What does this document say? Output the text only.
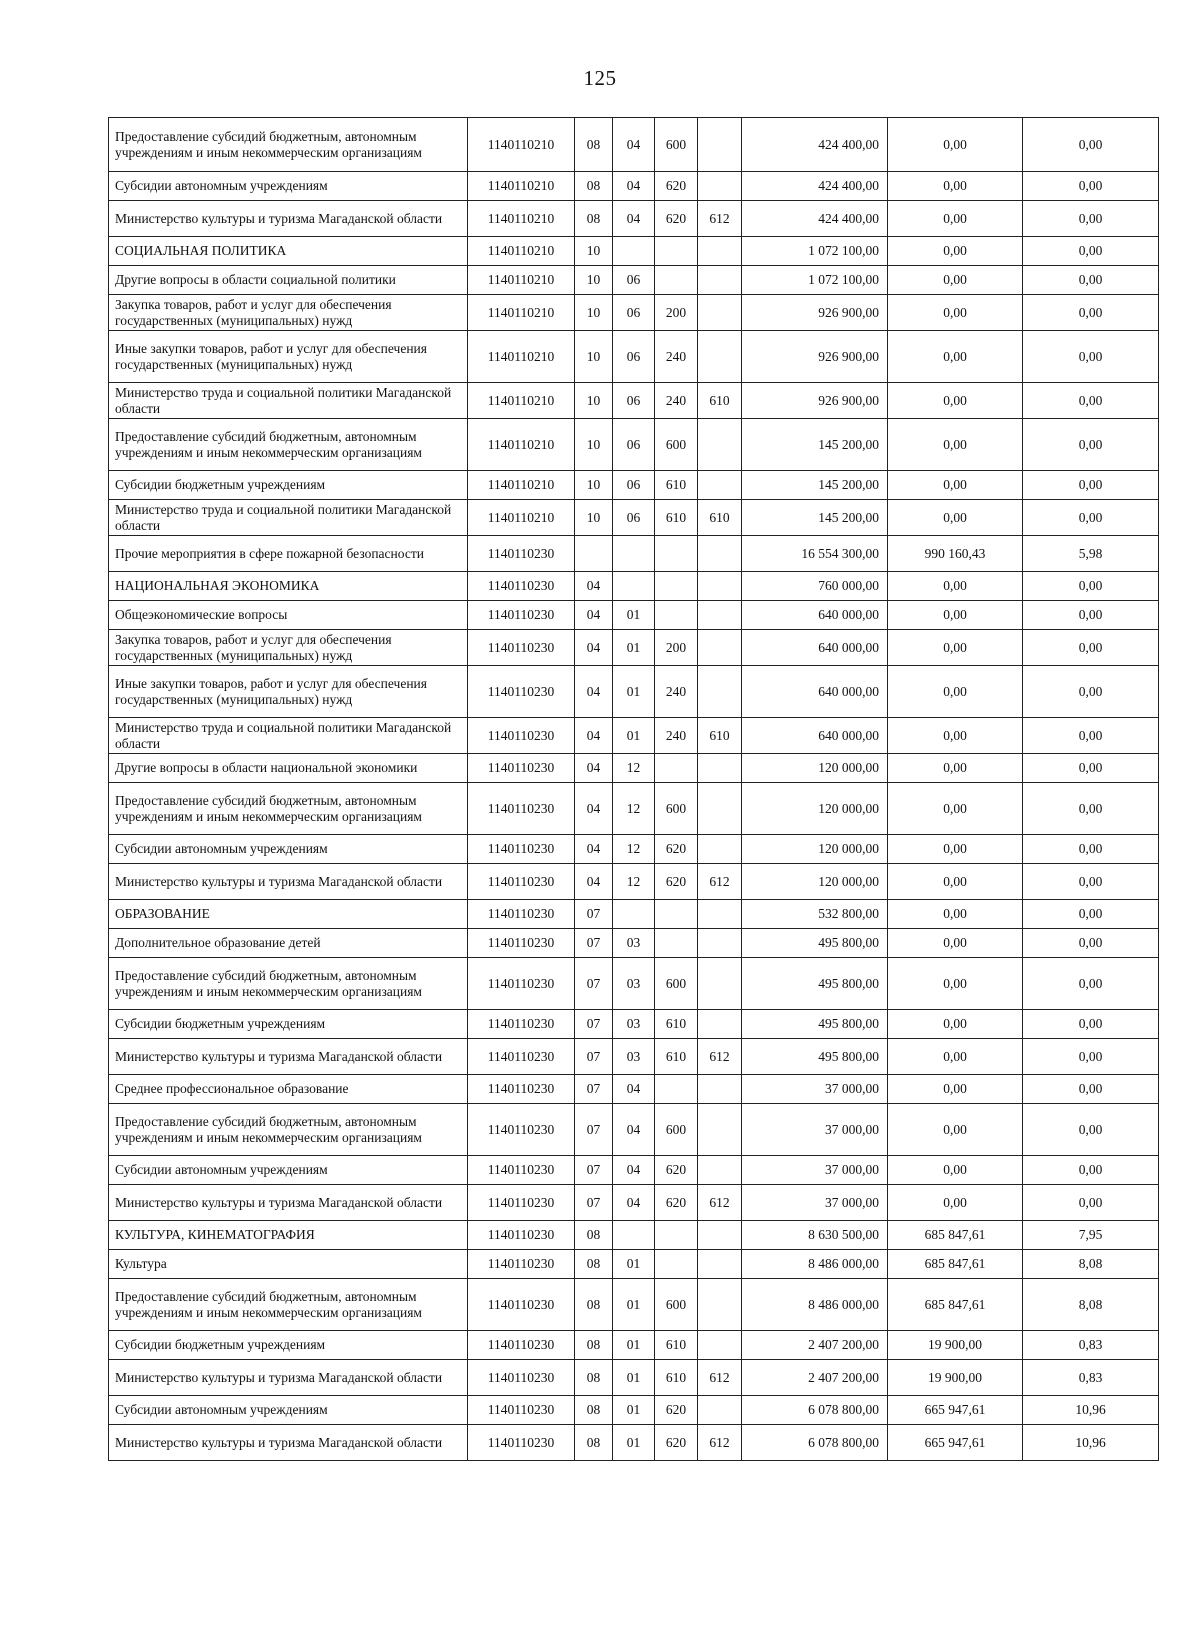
125
Предоставление субсидий бюджетным, автономным учреждениям и иным некоммерческим организациям	1140110210	08	04	600		424 400,00	0,00	0,00
Субсидии автономным учреждениям	1140110210	08	04	620		424 400,00	0,00	0,00
Министерство культуры и туризма Магаданской области	1140110210	08	04	620	612	424 400,00	0,00	0,00
СОЦИАЛЬНАЯ ПОЛИТИКА	1140110210	10				1 072 100,00	0,00	0,00
Другие вопросы в области социальной политики	1140110210	10	06			1 072 100,00	0,00	0,00
Закупка товаров, работ и услуг для обеспечения государственных (муниципальных) нужд	1140110210	10	06	200		926 900,00	0,00	0,00
Иные закупки товаров, работ и услуг для обеспечения государственных (муниципальных) нужд	1140110210	10	06	240		926 900,00	0,00	0,00
Министерство труда и социальной политики Магаданской области	1140110210	10	06	240	610	926 900,00	0,00	0,00
Предоставление субсидий бюджетным, автономным учреждениям и иным некоммерческим организациям	1140110210	10	06	600		145 200,00	0,00	0,00
Субсидии бюджетным учреждениям	1140110210	10	06	610		145 200,00	0,00	0,00
Министерство труда и социальной политики Магаданской области	1140110210	10	06	610	610	145 200,00	0,00	0,00
Прочие мероприятия в сфере пожарной безопасности	1140110230					16 554 300,00	990 160,43	5,98
НАЦИОНАЛЬНАЯ ЭКОНОМИКА	1140110230	04				760 000,00	0,00	0,00
Общеэкономические вопросы	1140110230	04	01			640 000,00	0,00	0,00
Закупка товаров, работ и услуг для обеспечения государственных (муниципальных) нужд	1140110230	04	01	200		640 000,00	0,00	0,00
Иные закупки товаров, работ и услуг для обеспечения государственных (муниципальных) нужд	1140110230	04	01	240		640 000,00	0,00	0,00
Министерство труда и социальной политики Магаданской области	1140110230	04	01	240	610	640 000,00	0,00	0,00
Другие вопросы в области национальной экономики	1140110230	04	12			120 000,00	0,00	0,00
Предоставление субсидий бюджетным, автономным учреждениям и иным некоммерческим организациям	1140110230	04	12	600		120 000,00	0,00	0,00
Субсидии автономным учреждениям	1140110230	04	12	620		120 000,00	0,00	0,00
Министерство культуры и туризма Магаданской области	1140110230	04	12	620	612	120 000,00	0,00	0,00
ОБРАЗОВАНИЕ	1140110230	07				532 800,00	0,00	0,00
Дополнительное образование детей	1140110230	07	03			495 800,00	0,00	0,00
Предоставление субсидий бюджетным, автономным учреждениям и иным некоммерческим организациям	1140110230	07	03	600		495 800,00	0,00	0,00
Субсидии бюджетным учреждениям	1140110230	07	03	610		495 800,00	0,00	0,00
Министерство культуры и туризма Магаданской области	1140110230	07	03	610	612	495 800,00	0,00	0,00
Среднее профессиональное образование	1140110230	07	04			37 000,00	0,00	0,00
Предоставление субсидий бюджетным, автономным учреждениям и иным некоммерческим организациям	1140110230	07	04	600		37 000,00	0,00	0,00
Субсидии автономным учреждениям	1140110230	07	04	620		37 000,00	0,00	0,00
Министерство культуры и туризма Магаданской области	1140110230	07	04	620	612	37 000,00	0,00	0,00
КУЛЬТУРА, КИНЕМАТОГРАФИЯ	1140110230	08				8 630 500,00	685 847,61	7,95
Культура	1140110230	08	01			8 486 000,00	685 847,61	8,08
Предоставление субсидий бюджетным, автономным учреждениям и иным некоммерческим организациям	1140110230	08	01	600		8 486 000,00	685 847,61	8,08
Субсидии бюджетным учреждениям	1140110230	08	01	610		2 407 200,00	19 900,00	0,83
Министерство культуры и туризма Магаданской области	1140110230	08	01	610	612	2 407 200,00	19 900,00	0,83
Субсидии автономным учреждениям	1140110230	08	01	620		6 078 800,00	665 947,61	10,96
Министерство культуры и туризма Магаданской области	1140110230	08	01	620	612	6 078 800,00	665 947,61	10,96
